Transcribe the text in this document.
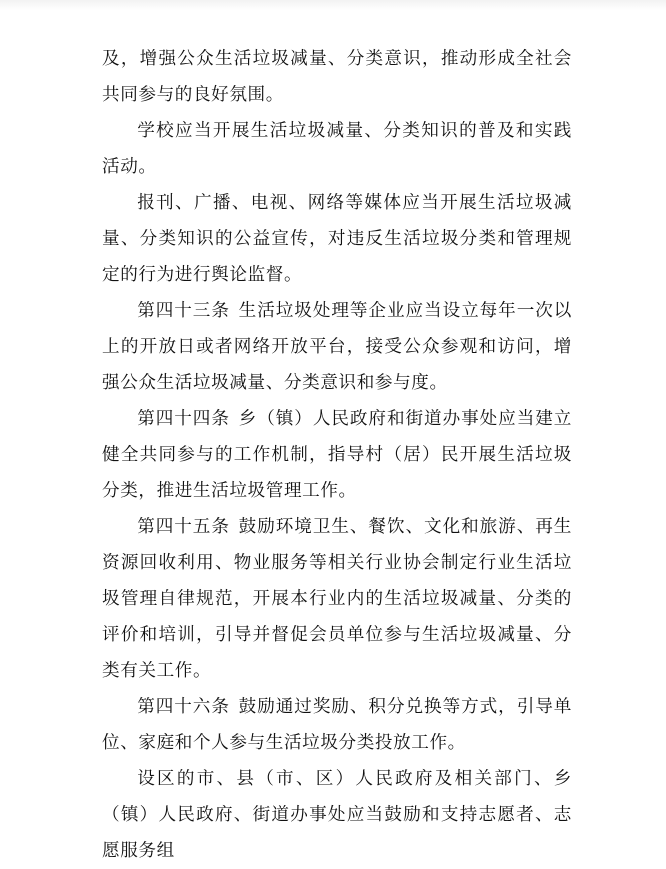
及，增强公众生活垃圾减量、分类意识，推动形成全社会共同参与的良好氛围。

学校应当开展生活垃圾减量、分类知识的普及和实践活动。

报刊、广播、电视、网络等媒体应当开展生活垃圾减量、分类知识的公益宣传，对违反生活垃圾分类和管理规定的行为进行舆论监督。

第四十三条 生活垃圾处理等企业应当设立每年一次以上的开放日或者网络开放平台，接受公众参观和访问，增强公众生活垃圾减量、分类意识和参与度。

第四十四条 乡（镇）人民政府和街道办事处应当建立健全共同参与的工作机制，指导村（居）民开展生活垃圾分类，推进生活垃圾管理工作。

第四十五条 鼓励环境卫生、餐饮、文化和旅游、再生资源回收利用、物业服务等相关行业协会制定行业生活垃圾管理自律规范，开展本行业内的生活垃圾减量、分类的评价和培训，引导并督促会员单位参与生活垃圾减量、分类有关工作。

第四十六条 鼓励通过奖励、积分兑换等方式，引导单位、家庭和个人参与生活垃圾分类投放工作。

设区的市、县（市、区）人民政府及相关部门、乡（镇）人民政府、街道办事处应当鼓励和支持志愿者、志愿服务组
